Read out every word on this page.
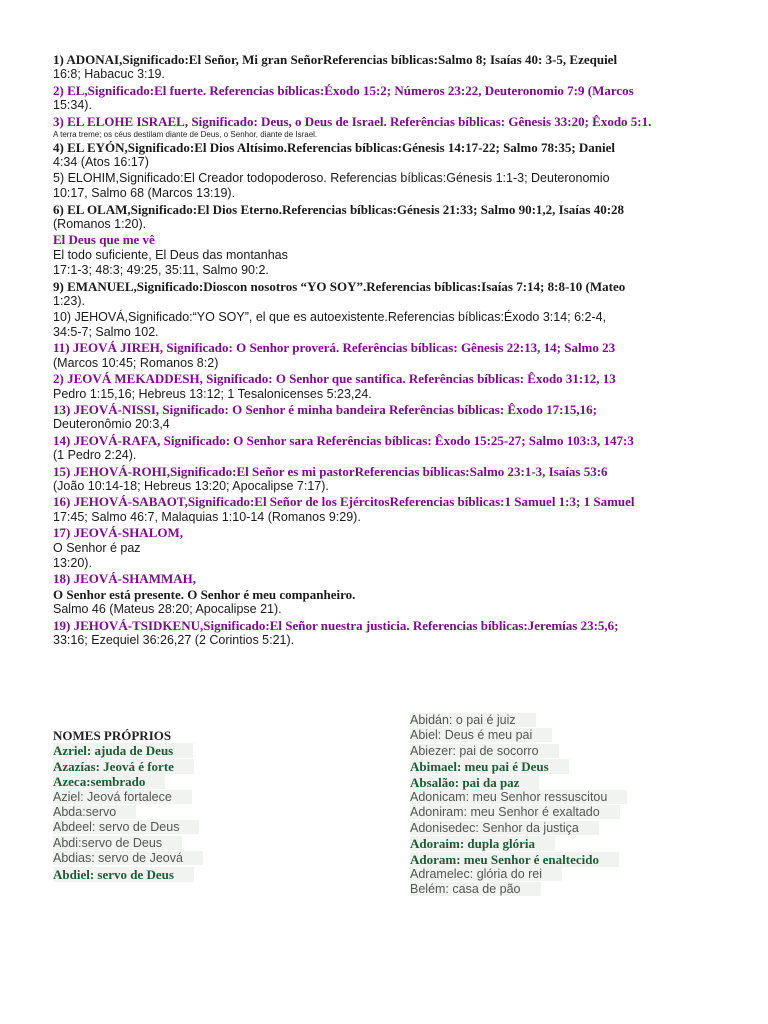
1) ADONAI,Significado:El Señor, Mi gran SeñorReferencias bíblicas:Salmo 8; Isaías 40: 3-5, Ezequiel

16:8; Habacuc 3:19.

2) EL,Significado:El fuerte. Referencias bíblicas:Éxodo 15:2; Números 23:22, Deuteronomio 7:9 (Marcos

15:34).

3) EL ELOHE ISRAEL, Significado: Deus, o Deus de Israel. Referências bíblicas: Gênesis 33:20; Êxodo 5:1.

A terra treme; os céus destilam diante de Deus, o Senhor, diante de Israel.

4) EL EYÓN,Significado:El Dios Altísimo.Referencias bíblicas:Génesis 14:17-22; Salmo 78:35; Daniel

4:34 (Atos 16:17)

5) ELOHIM,Significado:El Creador todopoderoso. Referencias bíblicas:Génesis 1:1-3; Deuteronomio

10:17, Salmo 68 (Marcos 13:19).

6) EL OLAM,Significado:El Dios Eterno.Referencias bíblicas:Génesis 21:33; Salmo 90:1,2, Isaías 40:28

(Romanos 1:20).

El Deus que me vê

El todo suficiente, El Deus das montanhas

17:1-3; 48:3; 49:25, 35:11, Salmo 90:2.

9) EMANUEL,Significado:Dioscon nosotros “YO SOY”.Referencias bíblicas:Isaías 7:14; 8:8-10 (Mateo

1:23).

10) JEHOVÁ,Significado:“YO SOY”, el que es autoexistente.Referencias bíblicas:Éxodo 3:14; 6:2-4,

34:5-7; Salmo 102.

11) JEOVÁ JIREH, Significado: O Senhor proverá. Referências bíblicas: Gênesis 22:13, 14; Salmo 23

(Marcos 10:45; Romanos 8:2)

2) JEOVÁ MEKADDESH, Significado: O Senhor que santifica. Referências bíblicas: Êxodo 31:12, 13

Pedro 1:15,16; Hebreus 13:12; 1 Tesalonicenses 5:23,24.

13) JEOVÁ-NISSI, Significado: O Senhor é minha bandeira Referências bíblicas: Êxodo 17:15,16;

Deuteronômio 20:3,4

14) JEOVÁ-RAFA, Significado: O Senhor sara Referências bíblicas: Êxodo 15:25-27; Salmo 103:3, 147:3

(1 Pedro 2:24).

15) JEHOVÁ-ROHI,Significado:El Señor es mi pastorReferencias bíblicas:Salmo 23:1-3, Isaías 53:6

(João 10:14-18; Hebreus 13:20; Apocalipse 7:17).

16) JEHOVÁ-SABAOT,Significado:El Señor de los EjércitosReferencias bíblicas:1 Samuel 1:3; 1 Samuel

17:45; Salmo 46:7, Malaquias 1:10-14 (Romanos 9:29).

17) JEOVÁ-SHALOM,

O Senhor é paz

13:20).

18) JEOVÁ-SHAMMAH,

O Senhor está presente. O Senhor é meu companheiro.

Salmo 46 (Mateus 28:20; Apocalipse 21).

19) JEHOVÁ-TSIDKENU,Significado:El Señor nuestra justicia. Referencias bíblicas:Jeremías 23:5,6;

33:16; Ezequiel 36:26,27 (2 Corintios 5:21).

NOMES PRÓPRIOS

Azriel: ajuda de Deus

Azazías: Jeová é forte

Azeca:sembrado

Aziel: Jeová fortalece

Abda:servo

Abdeel: servo de Deus

Abdi:servo de Deus

Abdias: servo de Jeová

Abdiel: servo de Deus

Abidán: o pai é juiz

Abiel: Deus é meu pai

Abiezer: pai de socorro

Abimael: meu pai é Deus

Absalão: pai da paz

Adonicam: meu Senhor ressuscitou

Adoniram: meu Senhor é exaltado

Adonisedec: Senhor da justiça

Adoraim: dupla glória

Adoram: meu Senhor é enaltecido

Adramelec: glória do rei

Belém: casa de pão
